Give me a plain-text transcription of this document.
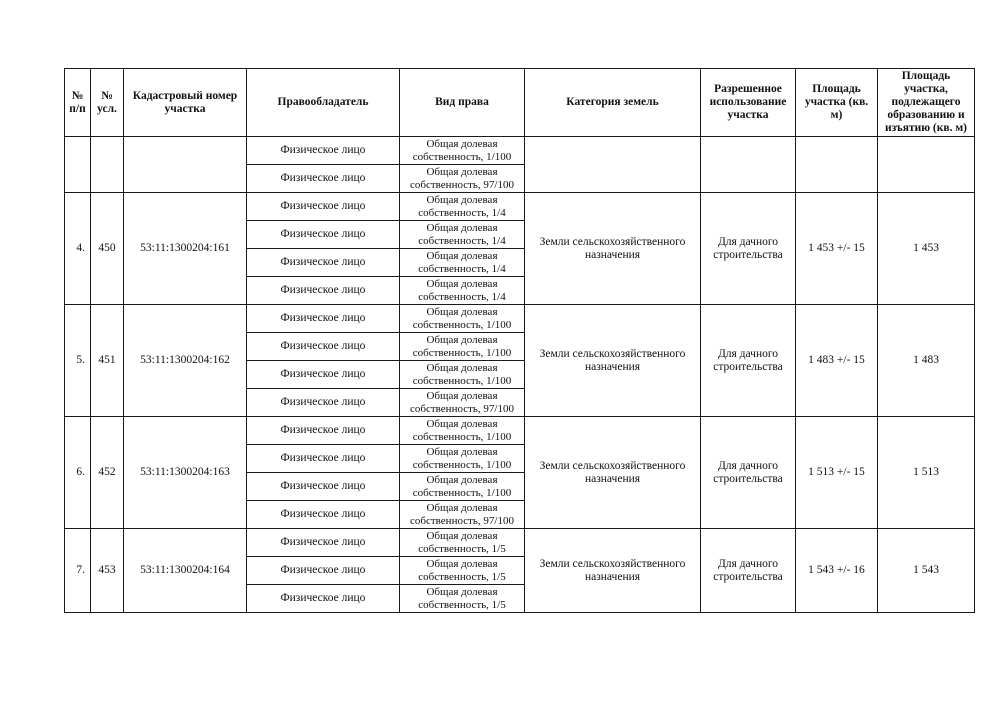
№ п/п	№ усл.	Кадастровый номер участка	Правообладатель	Вид права	Категория земель	Разрешенное использование участка	Площадь участка (кв. м)	Площадь участка, подлежащего образованию и изъятию (кв. м)
			Физическое лицо	Общая долевая собственность, 1/100				
			Физическое лицо	Общая долевая собственность, 97/100				
4.	450	53:11:1300204:161	Физическое лицо	Общая долевая собственность, 1/4	Земли сельскохозяйственного назначения	Для дачного строительства	1 453 +/- 15	1 453
			Физическое лицо	Общая долевая собственность, 1/4				
			Физическое лицо	Общая долевая собственность, 1/4				
			Физическое лицо	Общая долевая собственность, 1/4				
5.	451	53:11:1300204:162	Физическое лицо	Общая долевая собственность, 1/100	Земли сельскохозяйственного назначения	Для дачного строительства	1 483 +/- 15	1 483
			Физическое лицо	Общая долевая собственность, 1/100				
			Физическое лицо	Общая долевая собственность, 1/100				
			Физическое лицо	Общая долевая собственность, 97/100				
6.	452	53:11:1300204:163	Физическое лицо	Общая долевая собственность, 1/100	Земли сельскохозяйственного назначения	Для дачного строительства	1 513 +/- 15	1 513
			Физическое лицо	Общая долевая собственность, 1/100				
			Физическое лицо	Общая долевая собственность, 1/100				
			Физическое лицо	Общая долевая собственность, 97/100				
7.	453	53:11:1300204:164	Физическое лицо	Общая долевая собственность, 1/5	Земли сельскохозяйственного назначения	Для дачного строительства	1 543 +/- 16	1 543
			Физическое лицо	Общая долевая собственность, 1/5				
			Физическое лицо	Общая долевая собственность, 1/5				
